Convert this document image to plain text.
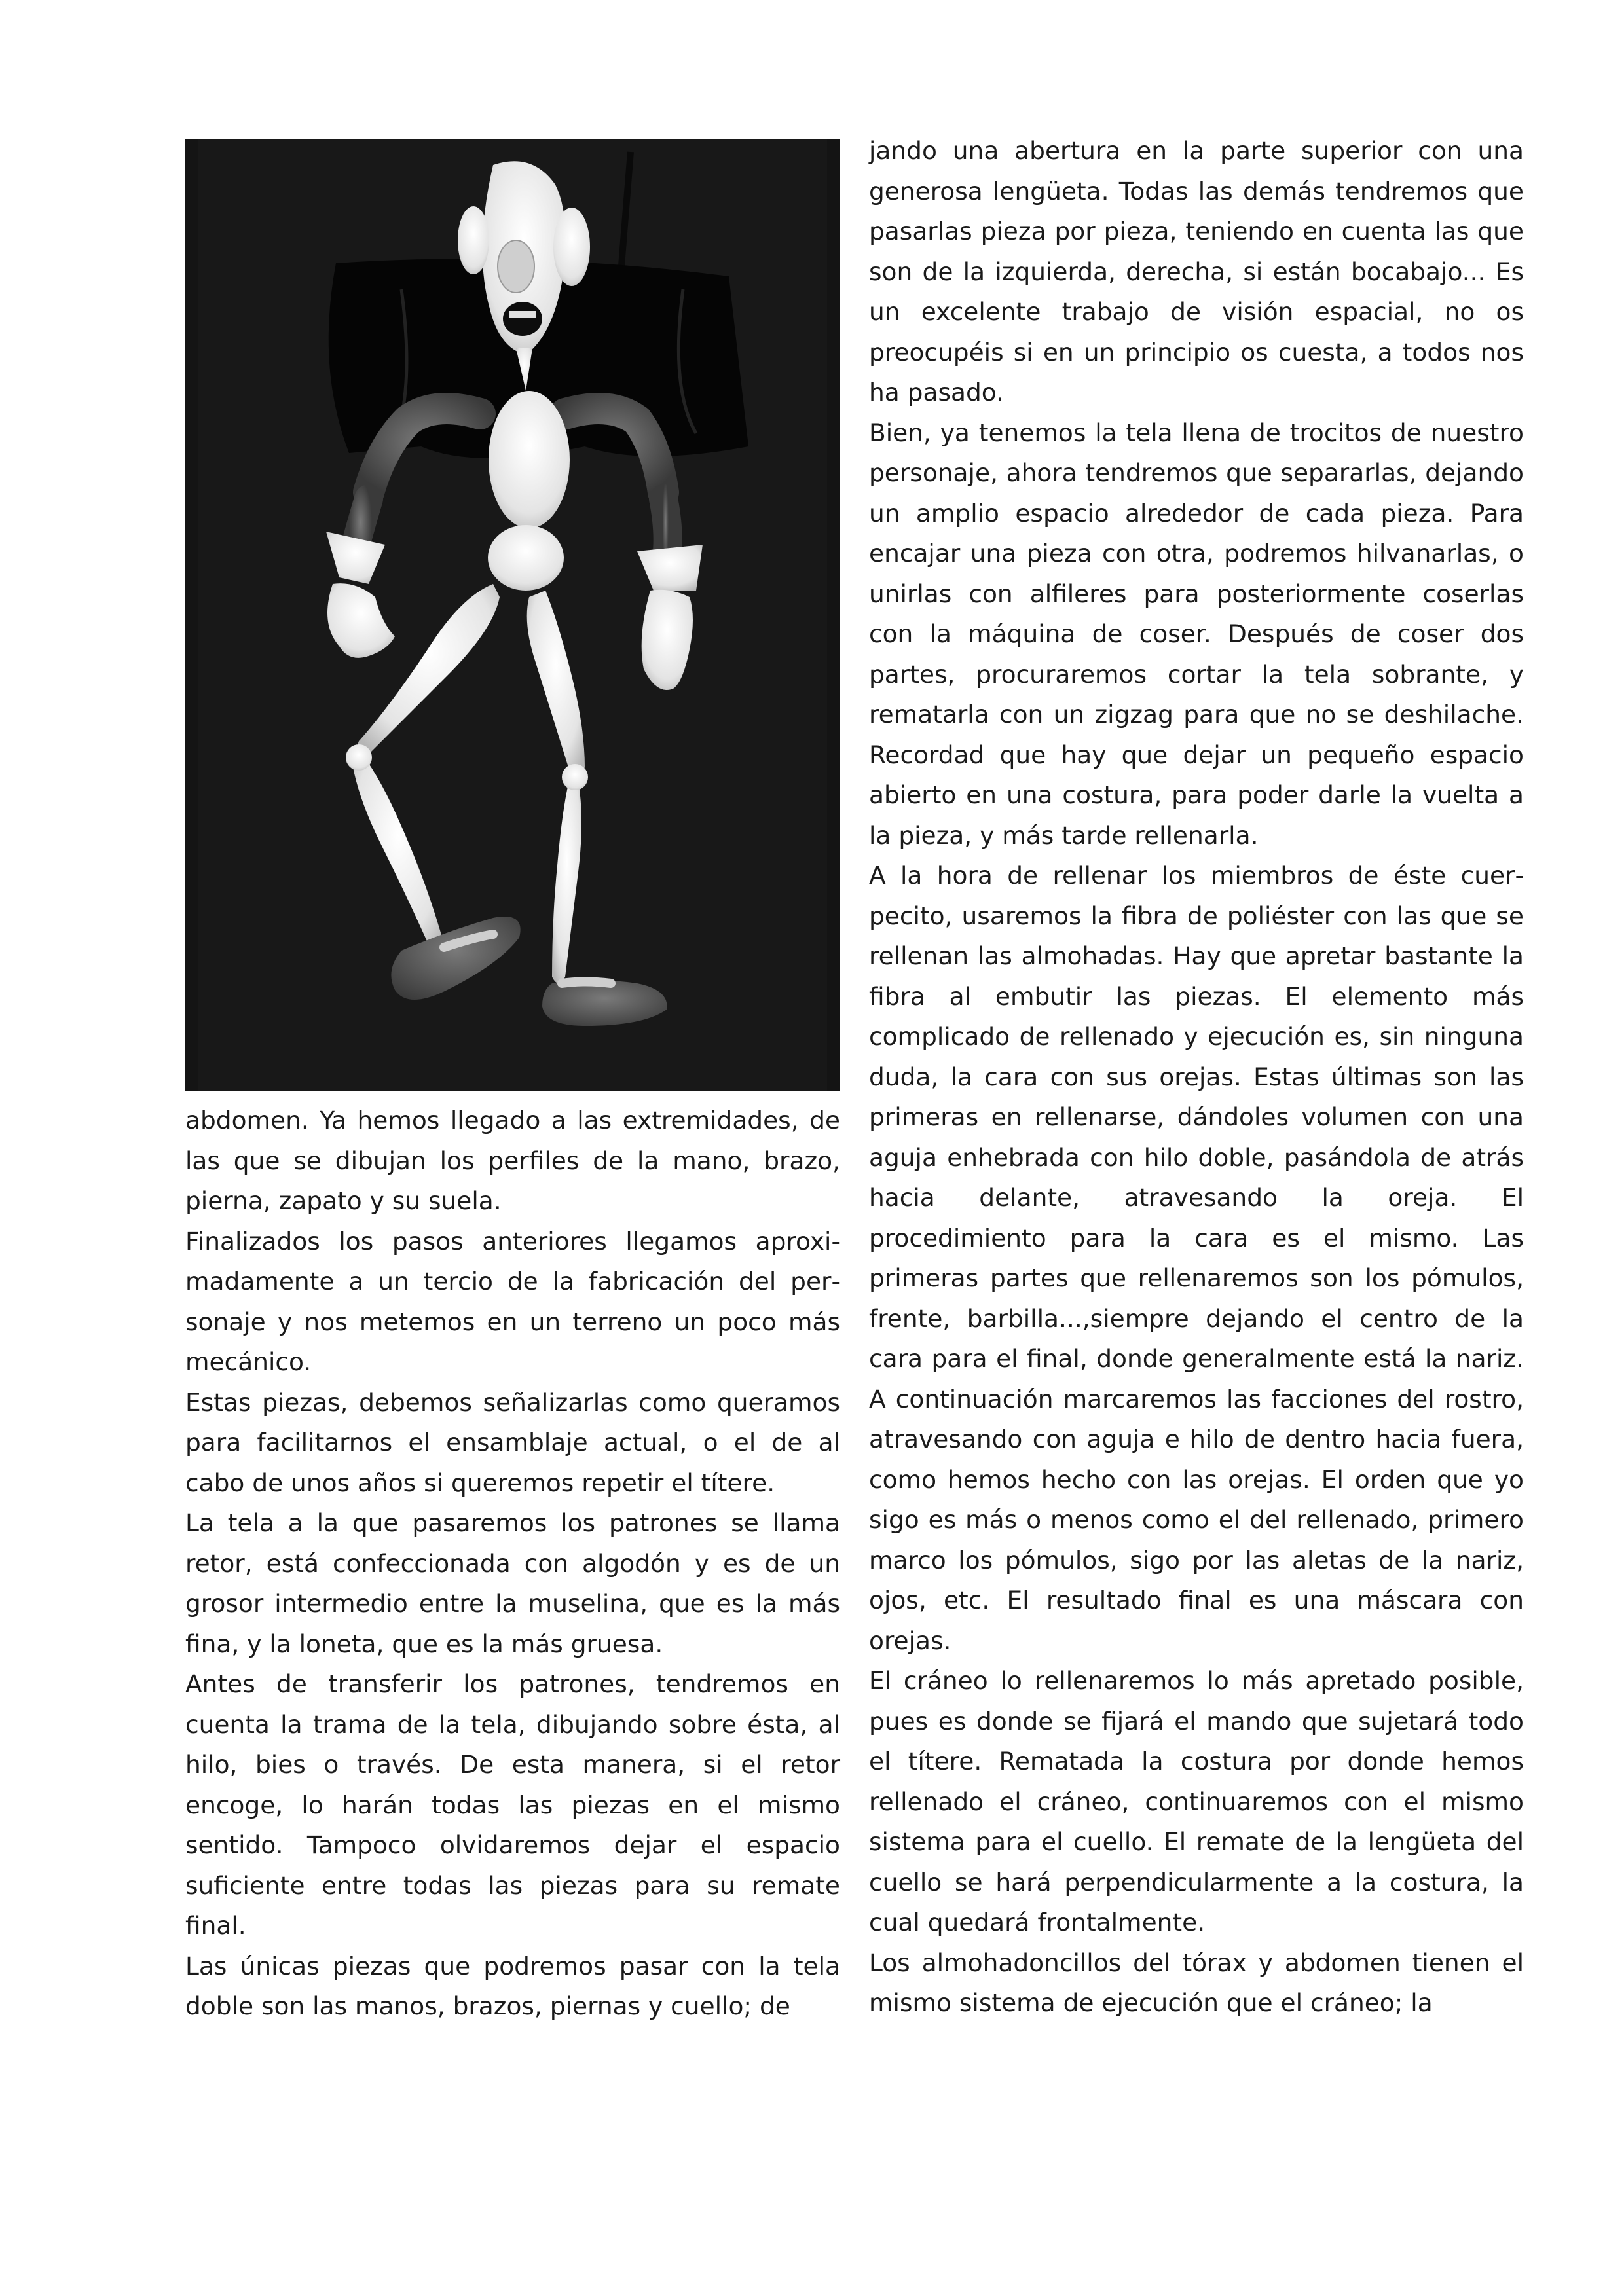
abdomen. Ya hemos llegado a las extremidades, de las que se dibujan los perfiles de la mano, brazo, pierna, zapato y su suela.

Finalizados los pasos anteriores llegamos aproximadamente a un tercio de la fabricación del personaje y nos metemos en un terreno un poco más mecánico.

Estas piezas, debemos señalizarlas como queramos para facilitarnos el ensamblaje actual, o el de al cabo de unos años si queremos repetir el títere.

La tela a la que pasaremos los patrones se llama retor, está confeccionada con algodón y es de un grosor intermedio entre la muselina, que es la más fina, y la loneta, que es la más gruesa.

Antes de transferir los patrones, tendremos en cuenta la trama de la tela, dibujando sobre ésta, al hilo, bies o través. De esta manera, si el retor encoge, lo harán todas las piezas en el mismo sentido. Tampoco olvidaremos dejar el espacio suficiente entre todas las piezas para su remate final.

Las únicas piezas que podremos pasar con la tela doble son las manos, brazos, piernas y cuello; de

jando una abertura en la parte superior con una generosa lengüeta. Todas las demás tendremos que pasarlas pieza por pieza, teniendo en cuenta las que son de la izquierda, derecha, si están bocabajo... Es un excelente trabajo de visión espacial, no os preocupéis si en un principio os cuesta, a todos nos ha pasado.

Bien, ya tenemos la tela llena de trocitos de nuestro personaje, ahora tendremos que separarlas, dejando un amplio espacio alrededor de cada pieza. Para encajar una pieza con otra, podremos hilvanarlas, o unirlas con alfileres para posteriormente coserlas con la máquina de coser. Después de coser dos partes, procuraremos cortar la tela sobrante, y rematarla con un zigzag para que no se deshilache. Recordad que hay que dejar un pequeño espacio abierto en una costura, para poder darle la vuelta a la pieza, y más tarde rellenarla.

A la hora de rellenar los miembros de éste cuerpecito, usaremos la fibra de poliéster con las que se rellenan las almohadas. Hay que apretar bastante la fibra al embutir las piezas. El elemento más complicado de rellenado y ejecución es, sin ninguna duda, la cara con sus orejas. Estas últimas son las primeras en rellenarse, dándoles volumen con una aguja enhebrada con hilo doble, pasándola de atrás hacia delante, atravesando la oreja. El procedimiento para la cara es el mismo. Las primeras partes que rellenaremos son los pómulos, frente, barbilla...,siempre dejando el centro de la cara para el final, donde generalmente está la nariz. A continuación marcaremos las facciones del rostro, atravesando con aguja e hilo de dentro hacia fuera, como hemos hecho con las orejas. El orden que yo sigo es más o menos como el del rellenado, primero marco los pómulos, sigo por las aletas de la nariz, ojos, etc. El resultado final es una máscara con orejas.

El cráneo lo rellenaremos lo más apretado posible, pues es donde se fijará el mando que sujetará todo el títere. Rematada la costura por donde hemos rellenado el cráneo, continuaremos con el mismo sistema para el cuello. El remate de la lengüeta del cuello se hará perpendicularmente a la costura, la cual quedará frontalmente.

Los almohadoncillos del tórax y abdomen tienen el mismo sistema de ejecución que el cráneo; la
